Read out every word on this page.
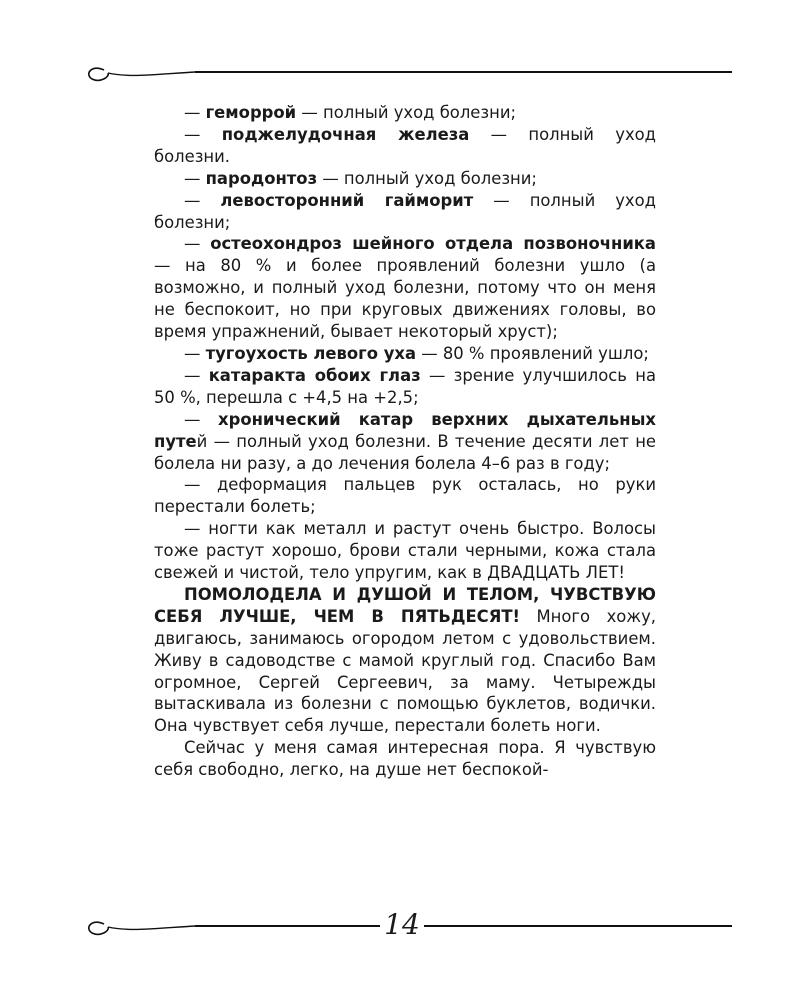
— геморрой — полный уход болезни;

— поджелудочная железа — полный уход болезни.

— пародонтоз — полный уход болезни;

— левосторонний гайморит — полный уход болезни;

— остеохондроз шейного отдела позвоночника — на 80 % и более проявлений болезни ушло (а возможно, и полный уход болезни, потому что он меня не беспокоит, но при круговых движениях головы, во время упражнений, бывает некоторый хруст);

— тугоухость левого уха — 80 % проявлений ушло;

— катаракта обоих глаз — зрение улучшилось на 50 %, перешла с +4,5 на +2,5;

— хронический катар верхних дыхательных путей — полный уход болезни. В течение десяти лет не болела ни разу, а до лечения болела 4–6 раз в году;

— деформация пальцев рук осталась, но руки перестали болеть;

— ногти как металл и растут очень быстро. Волосы тоже растут хорошо, брови стали черными, кожа стала свежей и чистой, тело упругим, как в ДВАДЦАТЬ ЛЕТ!

ПОМОЛОДЕЛА И ДУШОЙ И ТЕЛОМ, ЧУВСТВУЮ СЕБЯ ЛУЧШЕ, ЧЕМ В ПЯТЬДЕСЯТ! Много хожу, двигаюсь, занимаюсь огородом летом с удовольствием. Живу в садоводстве с мамой круглый год. Спасибо Вам огромное, Сергей Сергеевич, за маму. Четырежды вытаскивала из болезни с помощью буклетов, водички. Она чувствует себя лучше, перестали болеть ноги.

Сейчас у меня самая интересная пора. Я чувствую себя свободно, легко, на душе нет беспокой-

14
